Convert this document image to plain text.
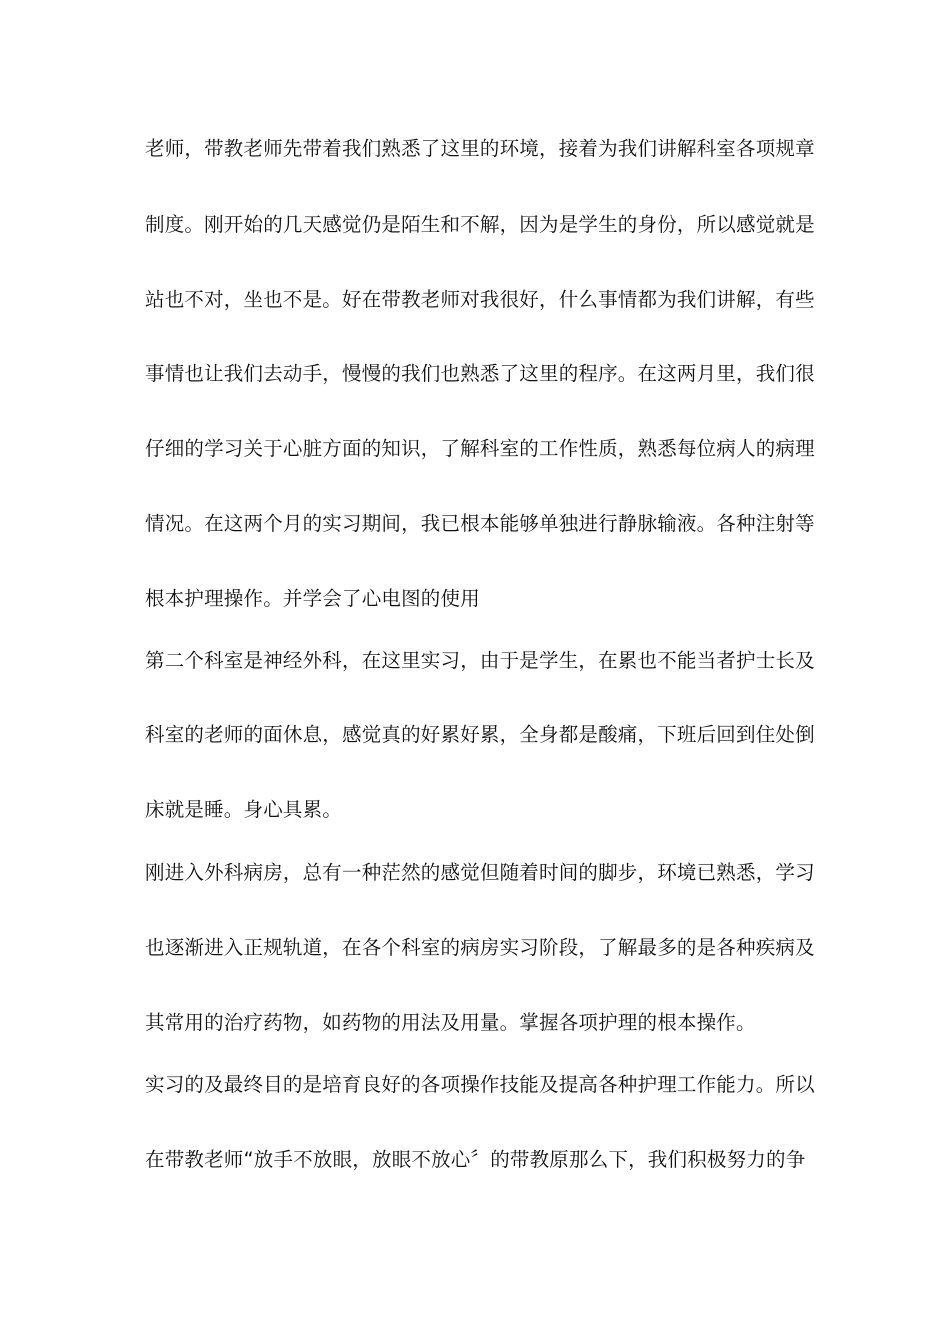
老师，带教老师先带着我们熟悉了这里的环境，接着为我们讲解科室各项规章
制度。刚开始的几天感觉仍是陌生和不解，因为是学生的身份，所以感觉就是
站也不对，坐也不是。好在带教老师对我很好，什么事情都为我们讲解，有些
事情也让我们去动手，慢慢的我们也熟悉了这里的程序。在这两月里，我们很
仔细的学习关于心脏方面的知识，了解科室的工作性质，熟悉每位病人的病理
情况。在这两个月的实习期间，我已根本能够单独进行静脉输液。各种注射等
根本护理操作。并学会了心电图的使用
第二个科室是神经外科，在这里实习，由于是学生，在累也不能当者护士长及
科室的老师的面休息，感觉真的好累好累，全身都是酸痛，下班后回到住处倒
床就是睡。身心具累。
刚进入外科病房，总有一种茫然的感觉但随着时间的脚步，环境已熟悉，学习
也逐渐进入正规轨道，在各个科室的病房实习阶段，了解最多的是各种疾病及
其常用的治疗药物，如药物的用法及用量。掌握各项护理的根本操作。
实习的及最终目的是培育良好的各项操作技能及提高各种护理工作能力。所以
在带教老师“放手不放眼，放眼不放心〞的带教原那么下，我们积极努力的争
